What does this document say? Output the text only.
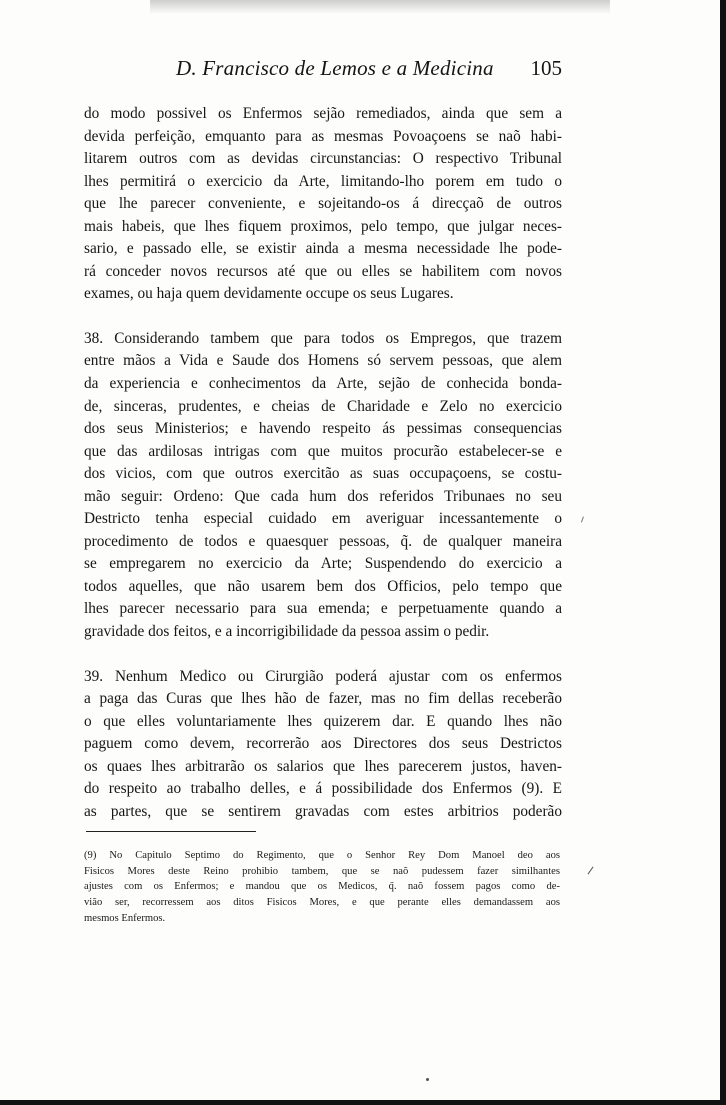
D. Francisco de Lemos e a Medicina 105
do modo possivel os Enfermos sejão remediados, ainda que sem a
devida perfeição, emquanto para as mesmas Povoaçoens se naõ habi-
litarem outros com as devidas circunstancias: O respectivo Tribunal
lhes permitirá o exercicio da Arte, limitando-lho porem em tudo o
que lhe parecer conveniente, e sojeitando-os á direcçaõ de outros
mais habeis, que lhes fiquem proximos, pelo tempo, que julgar neces-
sario, e passado elle, se existir ainda a mesma necessidade lhe pode-
rá conceder novos recursos até que ou elles se habilitem com novos
exames, ou haja quem devidamente occupe os seus Lugares.
38. Considerando tambem que para todos os Empregos, que trazem
entre mãos a Vida e Saude dos Homens só servem pessoas, que alem
da experiencia e conhecimentos da Arte, sejão de conhecida bonda-
de, sinceras, prudentes, e cheias de Charidade e Zelo no exercicio
dos seus Ministerios; e havendo respeito ás pessimas consequencias
que das ardilosas intrigas com que muitos procurão estabelecer-se e
dos vicios, com que outros exercitão as suas occupaçoens, se costu-
mão seguir: Ordeno: Que cada hum dos referidos Tribunaes no seu
Destricto tenha especial cuidado em averiguar incessantemente o
procedimento de todos e quaesquer pessoas, q̃. de qualquer maneira
se empregarem no exercicio da Arte; Suspendendo do exercicio a
todos aquelles, que não usarem bem dos Officios, pelo tempo que
lhes parecer necessario para sua emenda; e perpetuamente quando a
gravidade dos feitos, e a incorrigibilidade da pessoa assim o pedir.
39. Nenhum Medico ou Cirurgião poderá ajustar com os enfermos
a paga das Curas que lhes hão de fazer, mas no fim dellas receberão
o que elles voluntariamente lhes quizerem dar. E quando lhes não
paguem como devem, recorrerão aos Directores dos seus Destrictos
os quaes lhes arbitrarão os salarios que lhes parecerem justos, haven-
do respeito ao trabalho delles, e á possibilidade dos Enfermos (9). E
as partes, que se sentirem gravadas com estes arbitrios poderão
(9) No Capitulo Septimo do Regimento, que o Senhor Rey Dom Manoel deo aos
Fisicos Mores deste Reino prohibio tambem, que se naõ pudessem fazer similhantes
ajustes com os Enfermos; e mandou que os Medicos, q̃. naõ fossem pagos como de-
vião ser, recorressem aos ditos Fisicos Mores, e que perante elles demandassem aos
mesmos Enfermos.
